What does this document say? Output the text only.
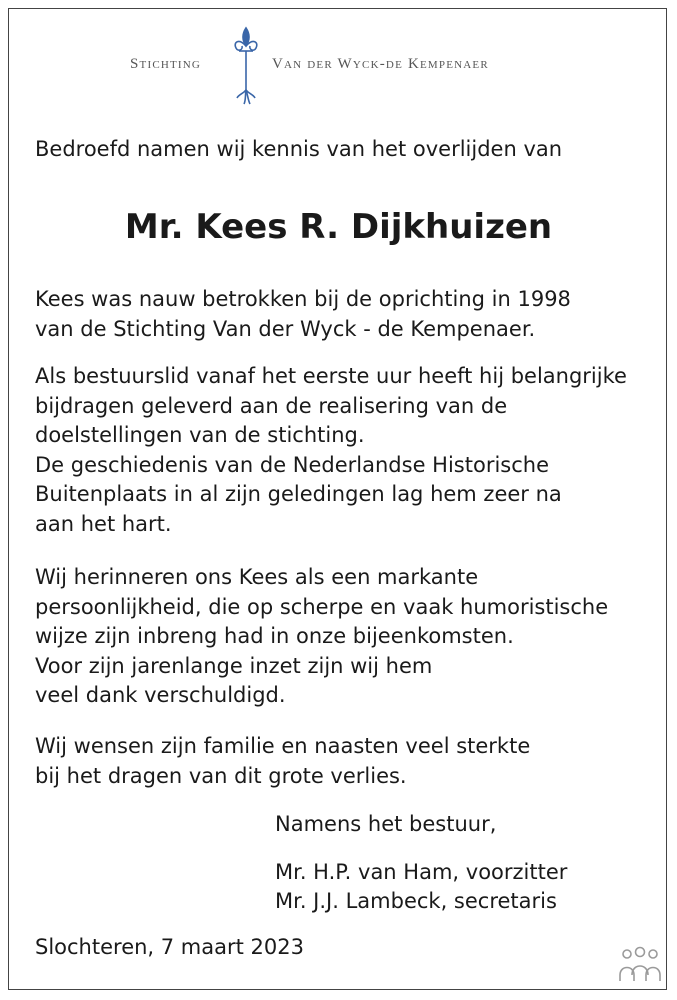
Stichting	Van der Wyck-de Kempenaer
Bedroefd namen wij kennis van het overlijden van
Mr. Kees R. Dijkhuizen
Kees was nauw betrokken bij de oprichting in 1998
van de Stichting Van der Wyck - de Kempenaer.
Als bestuurslid vanaf het eerste uur heeft hij belangrijke
bijdragen geleverd aan de realisering van de
doelstellingen van de stichting.
De geschiedenis van de Nederlandse Historische
Buitenplaats in al zijn geledingen lag hem zeer na
aan het hart.
Wij herinneren ons Kees als een markante
persoonlijkheid, die op scherpe en vaak humoristische
wijze zijn inbreng had in onze bijeenkomsten.
Voor zijn jarenlange inzet zijn wij hem
veel dank verschuldigd.
Wij wensen zijn familie en naasten veel sterkte
bij het dragen van dit grote verlies.
Namens het bestuur,
Mr. H.P. van Ham, voorzitter
Mr. J.J. Lambeck, secretaris
Slochteren, 7 maart 2023
